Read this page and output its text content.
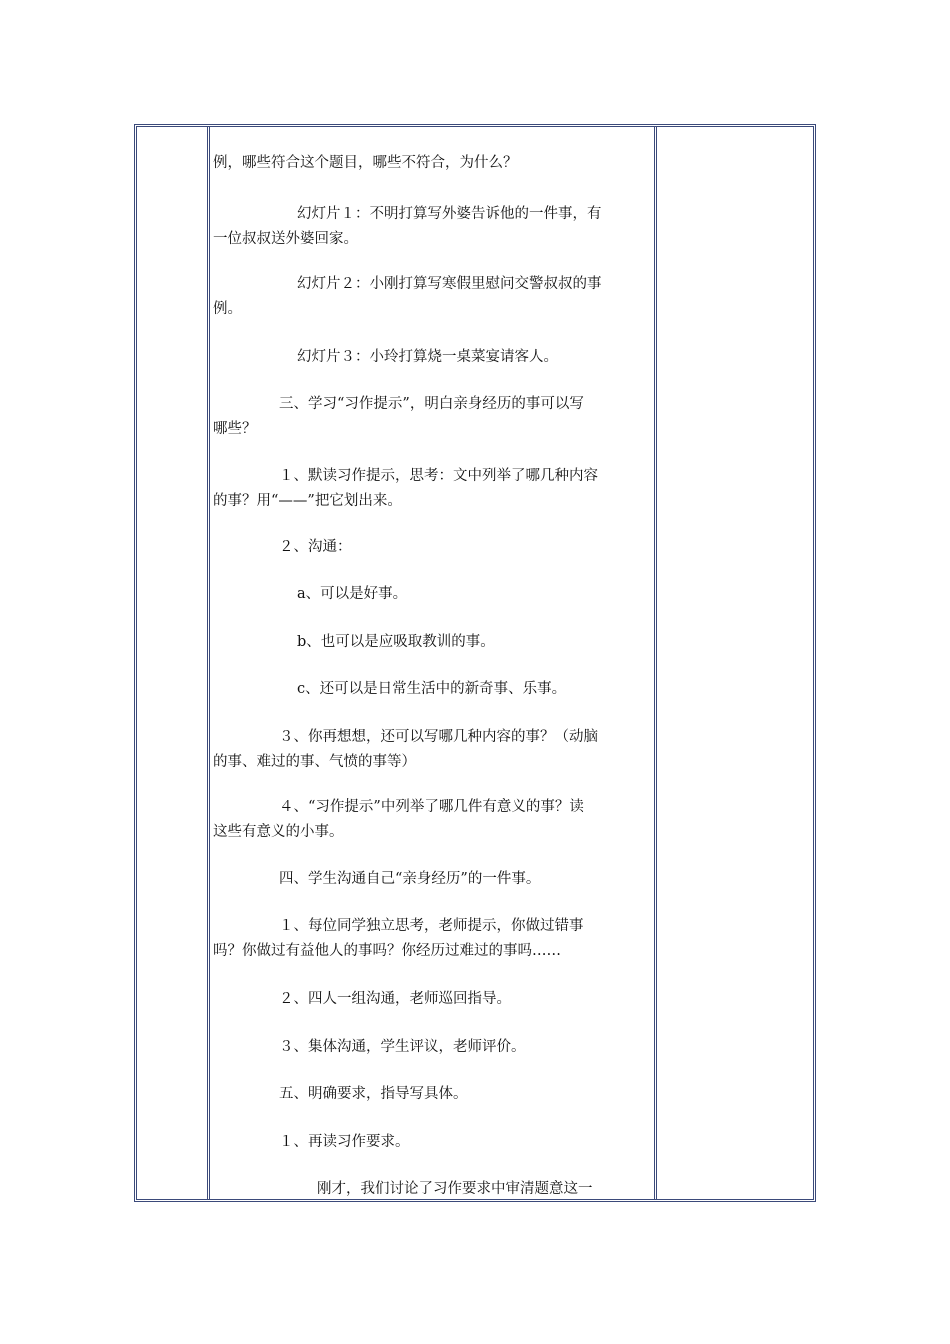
例，哪些符合这个题目，哪些不符合，为什么？
幻灯片１：不明打算写外婆告诉他的一件事，有
一位叔叔送外婆回家。
幻灯片２：小刚打算写寒假里慰问交警叔叔的事
例。
幻灯片３：小玲打算烧一桌菜宴请客人。
三、学习“习作提示”，明白亲身经历的事可以写
哪些？
１、默读习作提示，思考：文中列举了哪几种内容
的事？用“——”把它划出来。
２、沟通：
a、可以是好事。
b、也可以是应吸取教训的事。
c、还可以是日常生活中的新奇事、乐事。
３、你再想想，还可以写哪几种内容的事？（动脑
的事、难过的事、气愤的事等）
４、“习作提示”中列举了哪几件有意义的事？读
这些有意义的小事。
四、学生沟通自己“亲身经历”的一件事。
１、每位同学独立思考，老师提示，你做过错事
吗？你做过有益他人的事吗？你经历过难过的事吗……
２、四人一组沟通，老师巡回指导。
３、集体沟通，学生评议，老师评价。
五、明确要求，指导写具体。
１、再读习作要求。
刚才，我们讨论了习作要求中审清题意这一
